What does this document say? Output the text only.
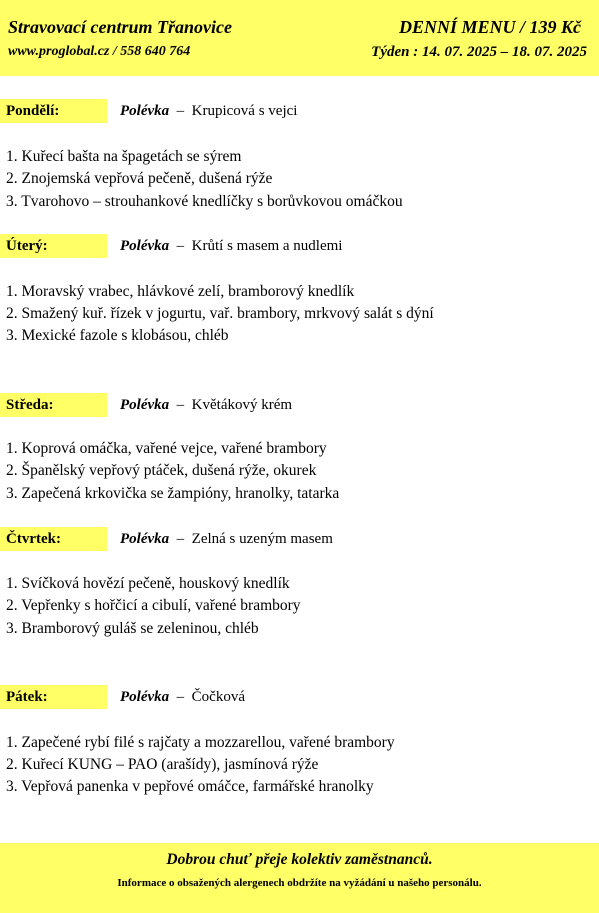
Stravovací centrum Třanovice
www.proglobal.cz / 558 640 764
DENNÍ MENU / 139 Kč
Týden : 14. 07. 2025 – 18. 07. 2025
Pondělí:	Polévka – Krupicová s vejci
1. Kuřecí bašta na špagetách se sýrem
2. Znojemská vepřová pečeně, dušená rýže
3. Tvarohovo – strouhankové knedlíčky s borůvkovou omáčkou
Úterý:	Polévka – Krůtí s masem a nudlemi
1. Moravský vrabec, hlávkové zelí, bramborový knedlík
2. Smažený kuř. řízek v jogurtu, vař. brambory, mrkvový salát s dýní
3. Mexické fazole s klobásou, chléb
Středa:	Polévka – Květákový krém
1. Koprová omáčka, vařené vejce, vařené brambory
2. Španělský vepřový ptáček, dušená rýže, okurek
3. Zapečená krkovička se žampióny, hranolky, tatarka
Čtvrtek:	Polévka – Zelná s uzeným masem
1. Svíčková hovězí pečeně, houskový knedlík
2. Vepřenky s hořčicí a cibulí, vařené brambory
3. Bramborový guláš se zeleninou, chléb
Pátek:	Polévka – Čočková
1. Zapečené rybí filé s rajčaty a mozzarellou, vařené brambory
2. Kuřecí KUNG – PAO (arašídy), jasmínová rýže
3. Vepřová panenka v pepřové omáčce, farmářské hranolky
Dobrou chuť přeje kolektiv zaměstnanců.
Informace o obsažených alergenech obdržíte na vyžádání u našeho personálu.
